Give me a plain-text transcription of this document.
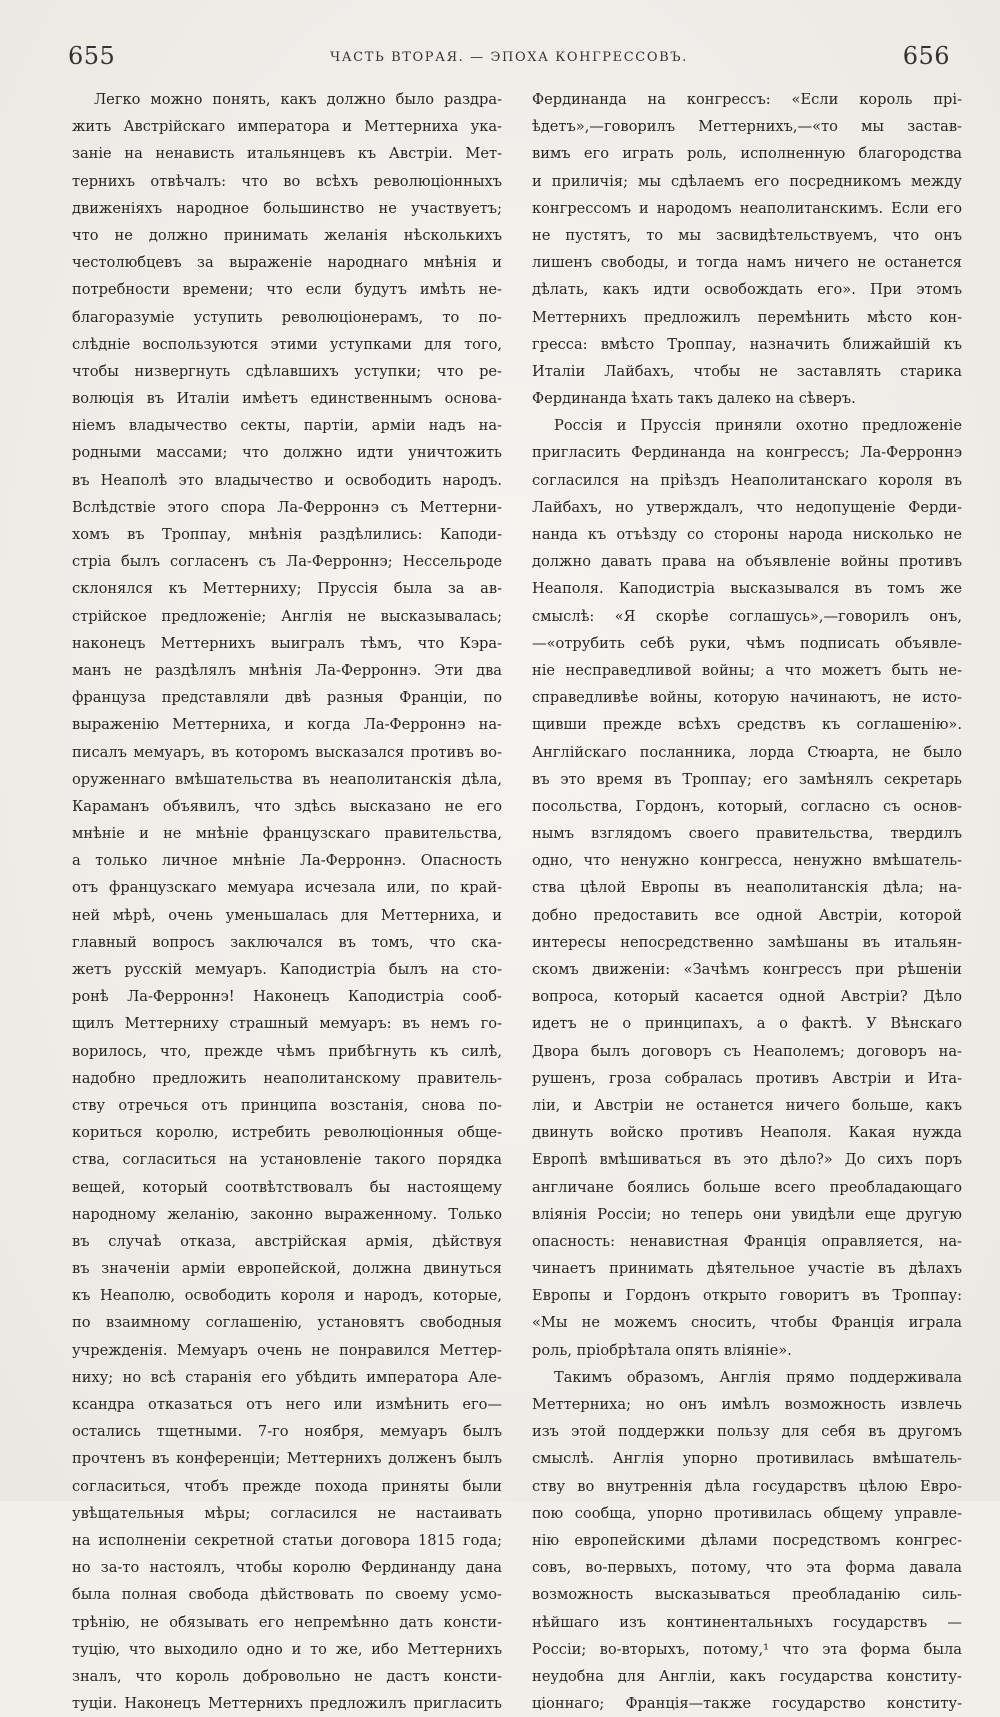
655	ЧАСТЬ ВТОРАЯ. — ЭПОХА КОНГРЕССОВЪ.	656
Легко можно понять, какъ должно было раздра-
жить Австрійскаго императора и Меттерниха ука-
заніе на ненависть итальянцевъ къ Австріи. Мет-
тернихъ отвѣчалъ: что во всѣхъ революціонныхъ
движеніяхъ народное большинство не участвуетъ;
что не должно принимать желанія нѣсколькихъ
честолюбцевъ за выраженіе народнаго мнѣнія и
потребности времени; что если будутъ имѣть не-
благоразуміе уступить революціонерамъ, то по-
слѣдніе воспользуются этими уступками для того,
чтобы низвергнуть сдѣлавшихъ уступки; что ре-
волюція въ Италіи имѣетъ единственнымъ основа-
ніемъ владычество секты, партіи, арміи надъ на-
родными массами; что должно идти уничтожить
въ Неаполѣ это владычество и освободить народъ.
Вслѣдствіе этого спора Ла-Ферроннэ съ Меттерни-
хомъ въ Троппау, мнѣнія раздѣлились: Каподи-
стріа былъ согласенъ съ Ла-Ферроннэ; Нессельроде
склонялся къ Меттерниху; Пруссія была за ав-
стрійское предложеніе; Англія не высказывалась;
наконецъ Меттернихъ выигралъ тѣмъ, что Кэра-
манъ не раздѣлялъ мнѣнія Ла-Ферроннэ. Эти два
француза представляли двѣ разныя Франціи, по
выраженію Меттерниха, и когда Ла-Ферроннэ на-
писалъ мемуаръ, въ которомъ высказался противъ во-
оруженнаго вмѣшательства въ неаполитанскія дѣла,
Караманъ объявилъ, что здѣсь высказано не его
мнѣніе и не мнѣніе французскаго правительства,
а только личное мнѣніе Ла-Ферроннэ. Опасность
отъ французскаго мемуара исчезала или, по край-
ней мѣрѣ, очень уменьшалась для Меттерниха, и
главный вопросъ заключался въ томъ, что ска-
жетъ русскій мемуаръ. Каподистріа былъ на сто-
ронѣ Ла-Ферроннэ! Наконецъ Каподистріа сооб-
щилъ Меттерниху страшный мемуаръ: въ немъ го-
ворилось, что, прежде чѣмъ прибѣгнуть къ силѣ,
надобно предложить неаполитанскому правитель-
ству отречься отъ принципа возстанія, снова по-
кориться королю, истребить революціонныя обще-
ства, согласиться на установленіе такого порядка
вещей, который соотвѣтствовалъ бы настоящему
народному желанію, законно выраженному. Только
въ случаѣ отказа, австрійская армія, дѣйствуя
въ значеніи арміи европейской, должна двинуться
къ Неаполю, освободить короля и народъ, которые,
по взаимному соглашенію, установятъ свободныя
учрежденія. Мемуаръ очень не понравился Меттер-
ниху; но всѣ старанія его убѣдить императора Але-
ксандра отказаться отъ него или измѣнить его—
остались тщетными. 7-го ноября, мемуаръ былъ
прочтенъ въ конференціи; Меттернихъ долженъ былъ
согласиться, чтобъ прежде похода приняты были
увѣщательныя мѣры; согласился не настаивать
на исполненіи секретной статьи договора 1815 года;
но за-то настоялъ, чтобы королю Фердинанду дана
была полная свобода дѣйствовать по своему усмо-
трѣнію, не обязывать его непремѣнно дать консти-
туцію, что выходило одно и то же, ибо Меттернихъ
зналъ, что король добровольно не дастъ консти-
туціи. Наконецъ Меттернихъ предложилъ пригласить
Фердинанда на конгрессъ: «Если король прі-
ѣдетъ»,—говорилъ Меттернихъ,—«то мы застав-
вимъ его играть роль, исполненную благородства
и приличія; мы сдѣлаемъ его посредникомъ между
конгрессомъ и народомъ неаполитанскимъ. Если его
не пустятъ, то мы засвидѣтельствуемъ, что онъ
лишенъ свободы, и тогда намъ ничего не останется
дѣлать, какъ идти освобождать его». При этомъ
Меттернихъ предложилъ перемѣнить мѣсто кон-
гресса: вмѣсто Троппау, назначить ближайшій къ
Италіи Лайбахъ, чтобы не заставлять старика
Фердинанда ѣхать такъ далеко на сѣверъ.
Россія и Пруссія приняли охотно предложеніе
пригласить Фердинанда на конгрессъ; Ла-Ферроннэ
согласился на пріѣздъ Неаполитанскаго короля въ
Лайбахъ, но утверждалъ, что недопущеніе Ферди-
нанда къ отъѣзду со стороны народа нисколько не
должно давать права на объявленіе войны противъ
Неаполя. Каподистріа высказывался въ томъ же
смыслѣ: «Я скорѣе соглашусь»,—говорилъ онъ,
—«отрубить себѣ руки, чѣмъ подписать объявле-
ніе несправедливой войны; а что можетъ быть не-
справедливѣе войны, которую начинаютъ, не исто-
щивши прежде всѣхъ средствъ къ соглашенію».
Англійскаго посланника, лорда Стюарта, не было
въ это время въ Троппау; его замѣнялъ секретарь
посольства, Гордонъ, который, согласно съ основ-
нымъ взглядомъ своего правительства, твердилъ
одно, что ненужно конгресса, ненужно вмѣшатель-
ства цѣлой Европы въ неаполитанскія дѣла; на-
добно предоставить все одной Австріи, которой
интересы непосредственно замѣшаны въ итальян-
скомъ движеніи: «Зачѣмъ конгрессъ при рѣшеніи
вопроса, который касается одной Австріи? Дѣло
идетъ не о принципахъ, а о фактѣ. У Вѣнскаго
Двора былъ договоръ съ Неаполемъ; договоръ на-
рушенъ, гроза собралась противъ Австріи и Ита-
ліи, и Австріи не останется ничего больше, какъ
двинуть войско противъ Неаполя. Какая нужда
Европѣ вмѣшиваться въ это дѣло?» До сихъ поръ
англичане боялись больше всего преобладающаго
вліянія Россіи; но теперь они увидѣли еще другую
опасность: ненавистная Франція оправляется, на-
чинаетъ принимать дѣятельное участіе въ дѣлахъ
Европы и Гордонъ открыто говоритъ въ Троппау:
«Мы не можемъ сносить, чтобы Франція играла
роль, пріобрѣтала опять вліяніе».
Такимъ образомъ, Англія прямо поддерживала
Меттерниха; но онъ имѣлъ возможность извлечь
изъ этой поддержки пользу для себя въ другомъ
смыслѣ. Англія упорно противилась вмѣшатель-
ству во внутреннія дѣла государствъ цѣлою Евро-
пою сообща, упорно противилась общему управле-
нію европейскими дѣлами посредствомъ конгрес-
совъ, во-первыхъ, потому, что эта форма давала
возможность высказываться преобладанію силь-
нѣйшаго изъ континентальныхъ государствъ —
Россіи; во-вторыхъ, потому,¹ что эта форма была
неудобна для Англіи, какъ государства конститу-
ціоннаго; Франція—также государство конститу-
